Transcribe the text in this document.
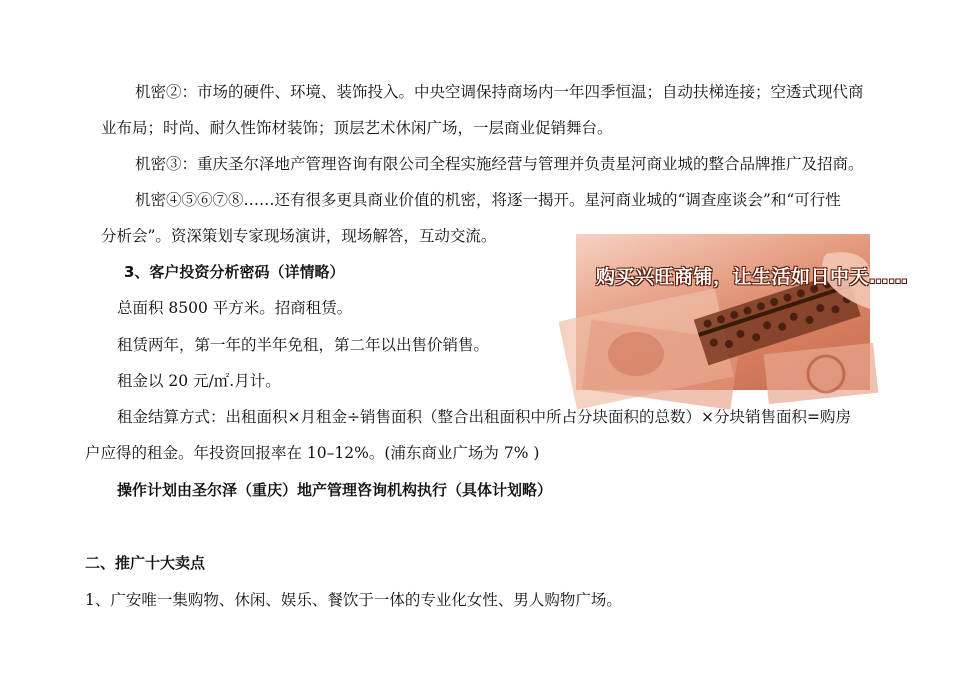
机密②：市场的硬件、环境、装饰投入。中央空调保持商场内一年四季恒温；自动扶梯连接；空透式现代商
业布局；时尚、耐久性饰材装饰；顶层艺术休闲广场，一层商业促销舞台。
机密③：重庆圣尔泽地产管理咨询有限公司全程实施经营与管理并负责星河商业城的整合品牌推广及招商。
机密④⑤⑥⑦⑧……还有很多更具商业价值的机密，将逐一揭开。星河商业城的“调查座谈会”和“可行性
分析会”。资深策划专家现场演讲，现场解答，互动交流。
3、客户投资分析密码（详情略）
总面积 8500 平方米。招商租赁。
租赁两年，第一年的半年免租，第二年以出售价销售。
租金以 20 元/㎡.月计。
购买兴旺商铺，让生活如日中天……
租金结算方式：出租面积×月租金÷销售面积（整合出租面积中所占分块面积的总数）×分块销售面积=购房
户应得的租金。年投资回报率在 10–12%。(浦东商业广场为 7% )
操作计划由圣尔泽（重庆）地产管理咨询机构执行（具体计划略）
二、推广十大卖点
1、广安唯一集购物、休闲、娱乐、餐饮于一体的专业化女性、男人购物广场。
